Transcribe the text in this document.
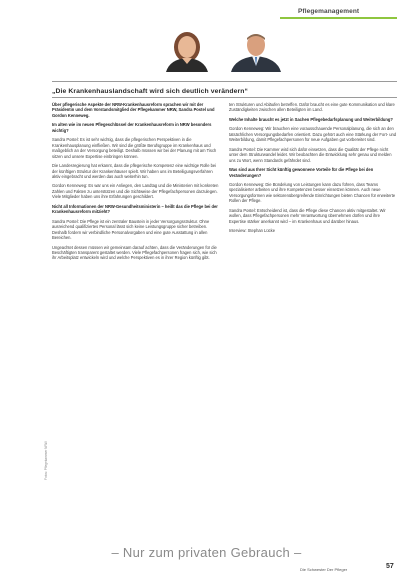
Pflegemanagement
„Die Krankenhauslandschaft wird sich deutlich verändern“

Über pflegerische Aspekte der NRW-Krankenhausreform sprachen wir mit der Präsidentin und dem Vorstandsmitglied der Pflegekammer NRW, Sandra Postel und Gordon Kenneweg.

Im alten wie im neuen Pflegeschlüssel der Krankenhausreform in NRW besonders wichtig?

Sandra Postel: Es ist sehr wichtig, dass die pflegerischen Perspektiven in die Krankenhausplanung einfließen. Wir sind die größte Berufsgruppe im Krankenhaus und maßgeblich an der Versorgung beteiligt. Deshalb müssen wir bei der Planung mit am Tisch sitzen und unsere Expertise einbringen können.

Die Landesregierung hat erkannt, dass die pflegerische Kompetenz eine wichtige Rolle bei der künftigen Struktur der Krankenhäuser spielt. Wir haben uns im Beteiligungsverfahren aktiv eingebracht und werden das auch weiterhin tun.

Gordon Kenneweg: Es war uns ein Anliegen, den Landtag und die Ministerien mit konkreten Zahlen und Fakten zu unterstützen und die Sichtweise der Pflegefachpersonen darzulegen. Viele Mitglieder haben uns ihre Erfahrungen geschildert.

Nicht all Informationen der NRW-Gesundheitsministerin – heißt das die Pflege bei der Krankenhausreform mitzieht?

Sandra Postel: Die Pflege ist ein zentraler Baustein in jeder Versorgungsstruktur. Ohne ausreichend qualifiziertes Personal lässt sich keine Leistungsgruppe sicher betreiben. Deshalb fordern wir verbindliche Personalvorgaben und eine gute Ausstattung in allen Bereichen.

Ungeachtet dessen müssen wir gemeinsam darauf achten, dass die Veränderungen für die Beschäftigten transparent gestaltet werden. Viele Pflegefachpersonen fragen sich, wie sich ihr Arbeitsplatz entwickeln wird und welche Perspektiven es in ihrer Region künftig gibt.

ten Strukturen und Abläufen betreffen. Dafür braucht es eine gute Kommunikation und klare Zuständigkeiten zwischen allen Beteiligten im Land.

Welche Inhalte braucht es jetzt in Sachen Pflegebedarfsplanung und Weiterbildung?

Gordon Kenneweg: Wir brauchen eine vorausschauende Personalplanung, die sich an den tatsächlichen Versorgungsbedarfen orientiert. Dazu gehört auch eine Stärkung der Fort- und Weiterbildung, damit Pflegefachpersonen für neue Aufgaben gut vorbereitet sind.

Sandra Postel: Die Kammer wird sich dafür einsetzen, dass die Qualität der Pflege nicht unter dem Strukturwandel leidet. Wir beobachten die Entwicklung sehr genau und melden uns zu Wort, wenn Standards gefährdet sind.

Was sind aus Ihrer Sicht künftig gewonnene Vorteile für die Pflege bei den Veränderungen?

Gordon Kenneweg: Die Bündelung von Leistungen kann dazu führen, dass Teams spezialisierter arbeiten und ihre Kompetenzen besser einsetzen können. Auch neue Versorgungsformen wie sektorenübergreifende Einrichtungen bieten Chancen für erweiterte Rollen der Pflege.

Sandra Postel: Entscheidend ist, dass die Pflege diese Chancen aktiv mitgestaltet. Wir wollen, dass Pflegefachpersonen mehr Verantwortung übernehmen dürfen und ihre Expertise stärker anerkannt wird – im Krankenhaus und darüber hinaus.

Interview: Stephan Lücke

Fotos: Pflegekammer NRW
– Nur zum privaten Gebrauch –
Die Schwester Der Pfleger	57
